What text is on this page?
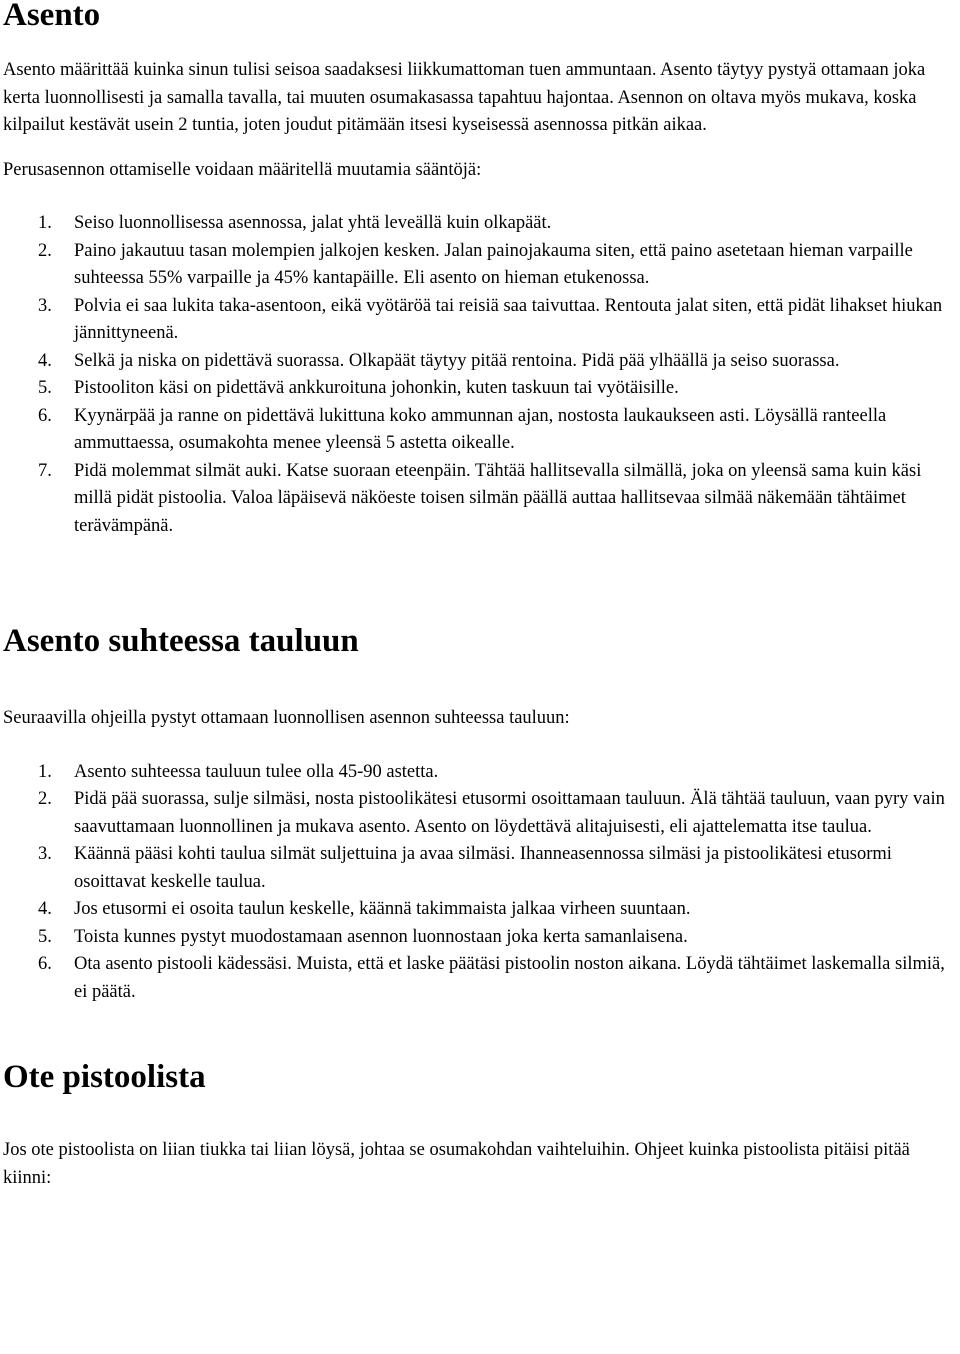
Asento

Asento määrittää kuinka sinun tulisi seisoa saadaksesi liikkumattoman tuen ammuntaan. Asento täytyy pystyä ottamaan joka kerta luonnollisesti ja samalla tavalla, tai muuten osumakasassa tapahtuu hajontaa. Asennon on oltava myös mukava, koska kilpailut kestävät usein 2 tuntia, joten joudut pitämään itsesi kyseisessä asennossa pitkän aikaa.

Perusasennon ottamiselle voidaan määritellä muutamia sääntöjä:

1. Seiso luonnollisessa asennossa, jalat yhtä leveällä kuin olkapäät.
2. Paino jakautuu tasan molempien jalkojen kesken. Jalan painojakauma siten, että paino asetetaan hieman varpaille suhteessa 55% varpaille ja 45% kantapäille. Eli asento on hieman etukenossa.
3. Polvia ei saa lukita taka-asentoon, eikä vyötäröä tai reisiä saa taivuttaa. Rentouta jalat siten, että pidät lihakset hiukan jännittyneenä.
4. Selkä ja niska on pidettävä suorassa. Olkapäät täytyy pitää rentoina. Pidä pää ylhäällä ja seiso suorassa.
5. Pistooliton käsi on pidettävä ankkuroituna johonkin, kuten taskuun tai vyötäisille.
6. Kyynärpää ja ranne on pidettävä lukittuna koko ammunnan ajan, nostosta laukaukseen asti. Löysällä ranteella ammuttaessa, osumakohta menee yleensä 5 astetta oikealle.
7. Pidä molemmat silmät auki. Katse suoraan eteenpäin. Tähtää hallitsevalla silmällä, joka on yleensä sama kuin käsi millä pidät pistoolia. Valoa läpäisevä näköeste toisen silmän päällä auttaa hallitsevaa silmää näkemään tähtäimet terävämpänä.
Asento suhteessa tauluun

Seuraavilla ohjeilla pystyt ottamaan luonnollisen asennon suhteessa tauluun:

1. Asento suhteessa tauluun tulee olla 45-90 astetta.
2. Pidä pää suorassa, sulje silmäsi, nosta pistoolikätesi etusormi osoittamaan tauluun. Älä tähtää tauluun, vaan pyry vain saavuttamaan luonnollinen ja mukava asento. Asento on löydettävä alitajuisesti, eli ajattelematta itse taulua.
3. Käännä pääsi kohti taulua silmät suljettuina ja avaa silmäsi. Ihanneasennossa silmäsi ja pistoolikätesi etusormi osoittavat keskelle taulua.
4. Jos etusormi ei osoita taulun keskelle, käännä takimmaista jalkaa virheen suuntaan.
5. Toista kunnes pystyt muodostamaan asennon luonnostaan joka kerta samanlaisena.
6. Ota asento pistooli kädessäsi. Muista, että et laske päätäsi pistoolin noston aikana. Löydä tähtäimet laskemalla silmiä, ei päätä.
Ote pistoolista

Jos ote pistoolista on liian tiukka tai liian löysä, johtaa se osumakohdan vaihteluihin. Ohjeet kuinka pistoolista pitäisi pitää kiinni:
